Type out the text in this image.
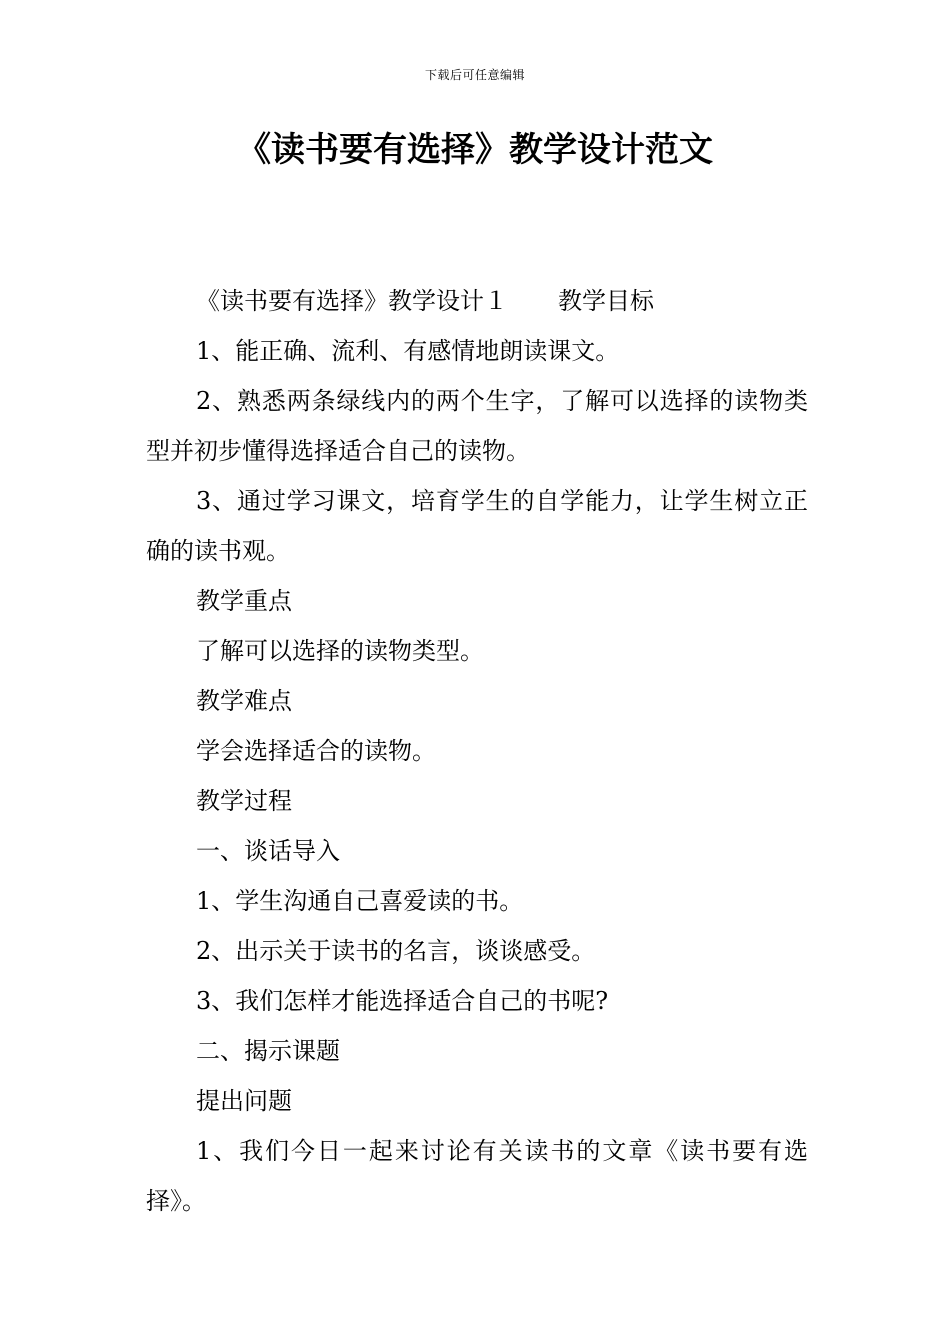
下载后可任意编辑
《读书要有选择》教学设计范文

《读书要有选择》教学设计１ 教学目标

1、能正确、流利、有感情地朗读课文。

2、熟悉两条绿线内的两个生字，了解可以选择的读物类型并初步懂得选择适合自己的读物。

3、通过学习课文，培育学生的自学能力，让学生树立正确的读书观。

教学重点

了解可以选择的读物类型。

教学难点

学会选择适合的读物。

教学过程

一、谈话导入

1、学生沟通自己喜爱读的书。

2、出示关于读书的名言，谈谈感受。

3、我们怎样才能选择适合自己的书呢?

二、揭示课题

提出问题

1、我们今日一起来讨论有关读书的文章《读书要有选择》。
